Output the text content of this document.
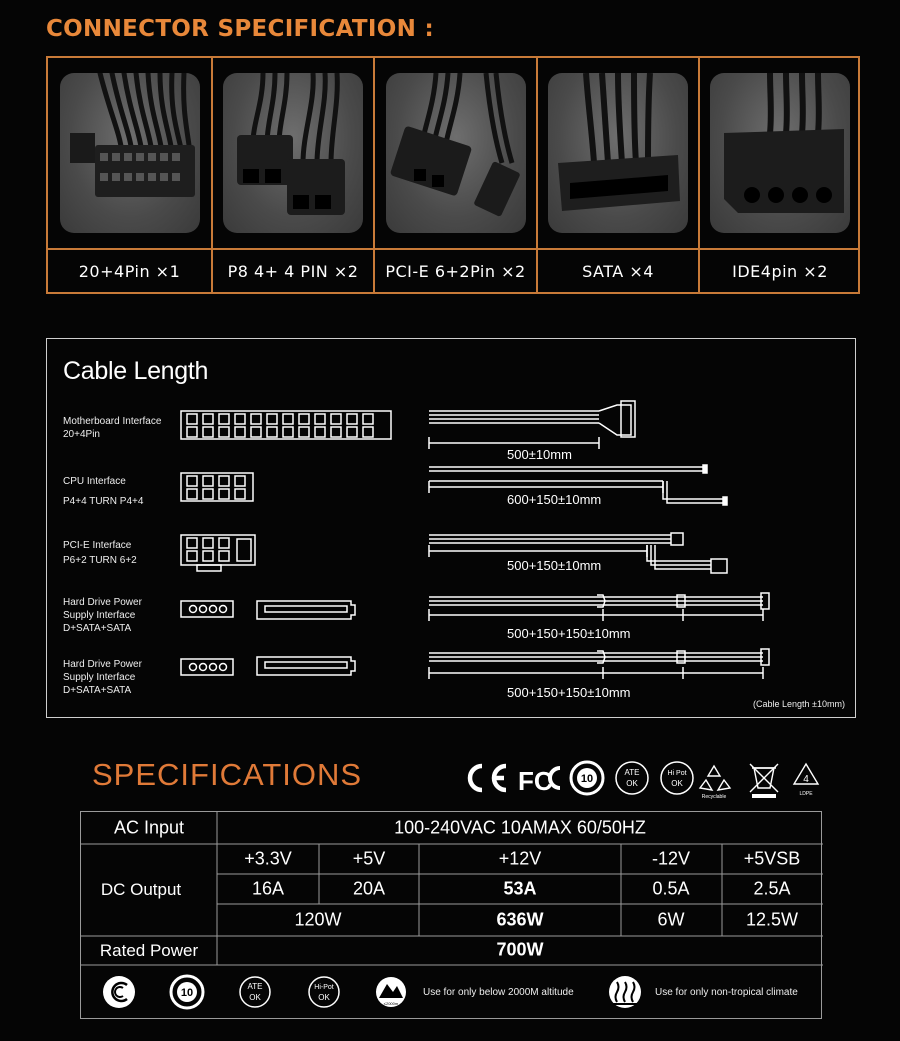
CONNECTOR SPECIFICATION :
20+4Pin ×1	P8 4+ 4 PIN ×2	PCI-E 6+2Pin ×2	SATA ×4	IDE4pin ×2
Cable Length
Motherboard Interface
20+4Pin
CPU Interface
P4+4 TURN P4+4
PCI-E Interface
P6+2 TURN 6+2
Hard Drive Power
Supply Interface
D+SATA+SATA
Hard Drive Power
Supply Interface
D+SATA+SATA
500±10mm
600+150±10mm
500+150±10mm
500+150+150±10mm
500+150+150±10mm
(Cable Length ±10mm)
SPECIFICATIONS	FC	10
ATE
OK
Hi Pot
OK
Recyclable
4
LDPE
10
ATE
OK
Hi-Pot
OK
≤2000m
AC Input	100-240VAC 10AMAX 60/50HZ
DC Output
+3.3V	+5V	+12V	-12V	+5VSB
16A	20A	53A	0.5A	2.5A
120W	636W	6W	12.5W
Rated Power	700W
Use for only below 2000M altitude	Use for only non-tropical climate
